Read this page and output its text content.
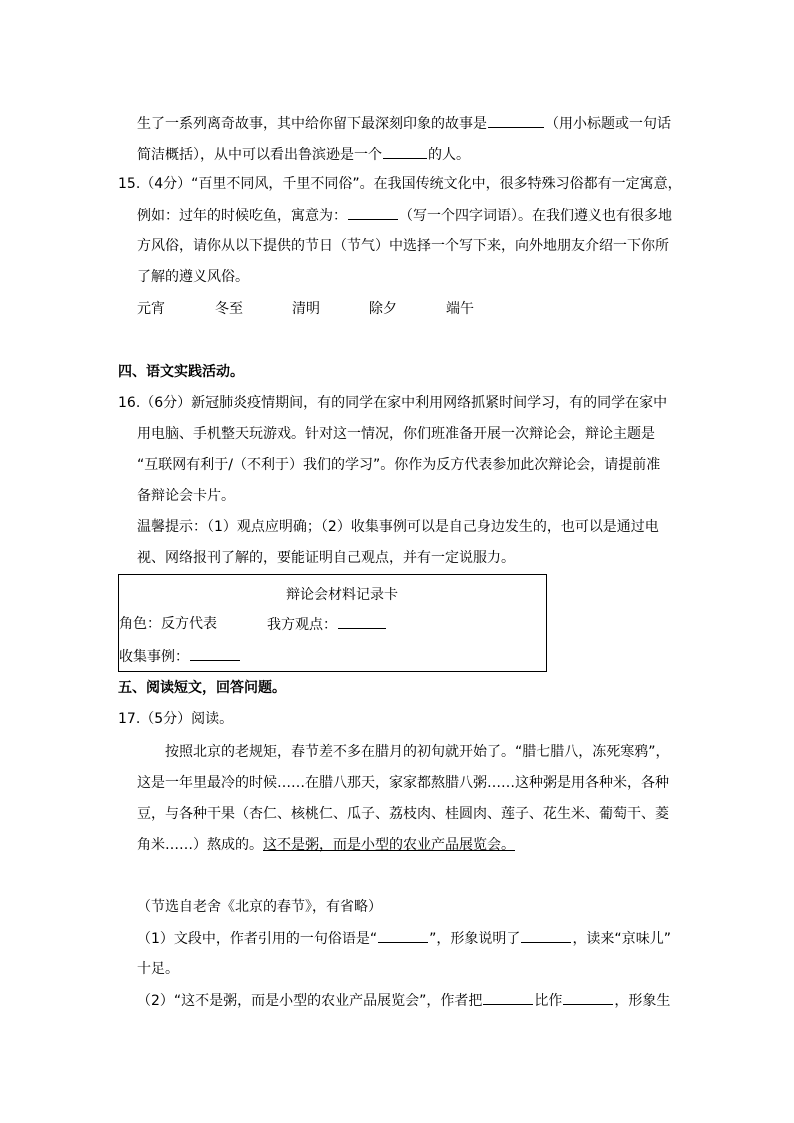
生了一系列离奇故事，其中给你留下最深刻印象的故事是	（用小标题或一句话
简洁概括），从中可以看出鲁滨逊是一个	的人。
15.（4分）“百里不同风，千里不同俗”。在我国传统文化中，很多特殊习俗都有一定寓意，
例如：过年的时候吃鱼，寓意为：	（写一个四字词语）。在我们遵义也有很多地
方风俗，请你从以下提供的节日（节气）中选择一个写下来，向外地朋友介绍一下你所
了解的遵义风俗。
元宵	冬至	清明	除夕	端午
四、语文实践活动。
16.（6分）新冠肺炎疫情期间，有的同学在家中利用网络抓紧时间学习，有的同学在家中
用电脑、手机整天玩游戏。针对这一情况，你们班准备开展一次辩论会，辩论主题是
“互联网有利于/（不利于）我们的学习”。你作为反方代表参加此次辩论会，请提前准
备辩论会卡片。
温馨提示：（1）观点应明确；（2）收集事例可以是自己身边发生的，也可以是通过电
视、网络报刊了解的，要能证明自己观点，并有一定说服力。
辩论会材料记录卡
角色：反方代表	我方观点：
收集事例：
五、阅读短文，回答问题。
17.（5分）阅读。
按照北京的老规矩，春节差不多在腊月的初旬就开始了。“腊七腊八，冻死寒鸦”，
这是一年里最冷的时候……在腊八那天，家家都熬腊八粥……这种粥是用各种米，各种
豆，与各种干果（杏仁、核桃仁、瓜子、荔枝肉、桂圆肉、莲子、花生米、葡萄干、菱
角米……）熬成的。这不是粥，而是小型的农业产品展览会。
（节选自老舍《北京的春节》，有省略）
（1）文段中，作者引用的一句俗语是“	”，形象说明了	，读来“京味儿”
十足。
（2）“这不是粥，而是小型的农业产品展览会”，作者把	比作	，形象生
